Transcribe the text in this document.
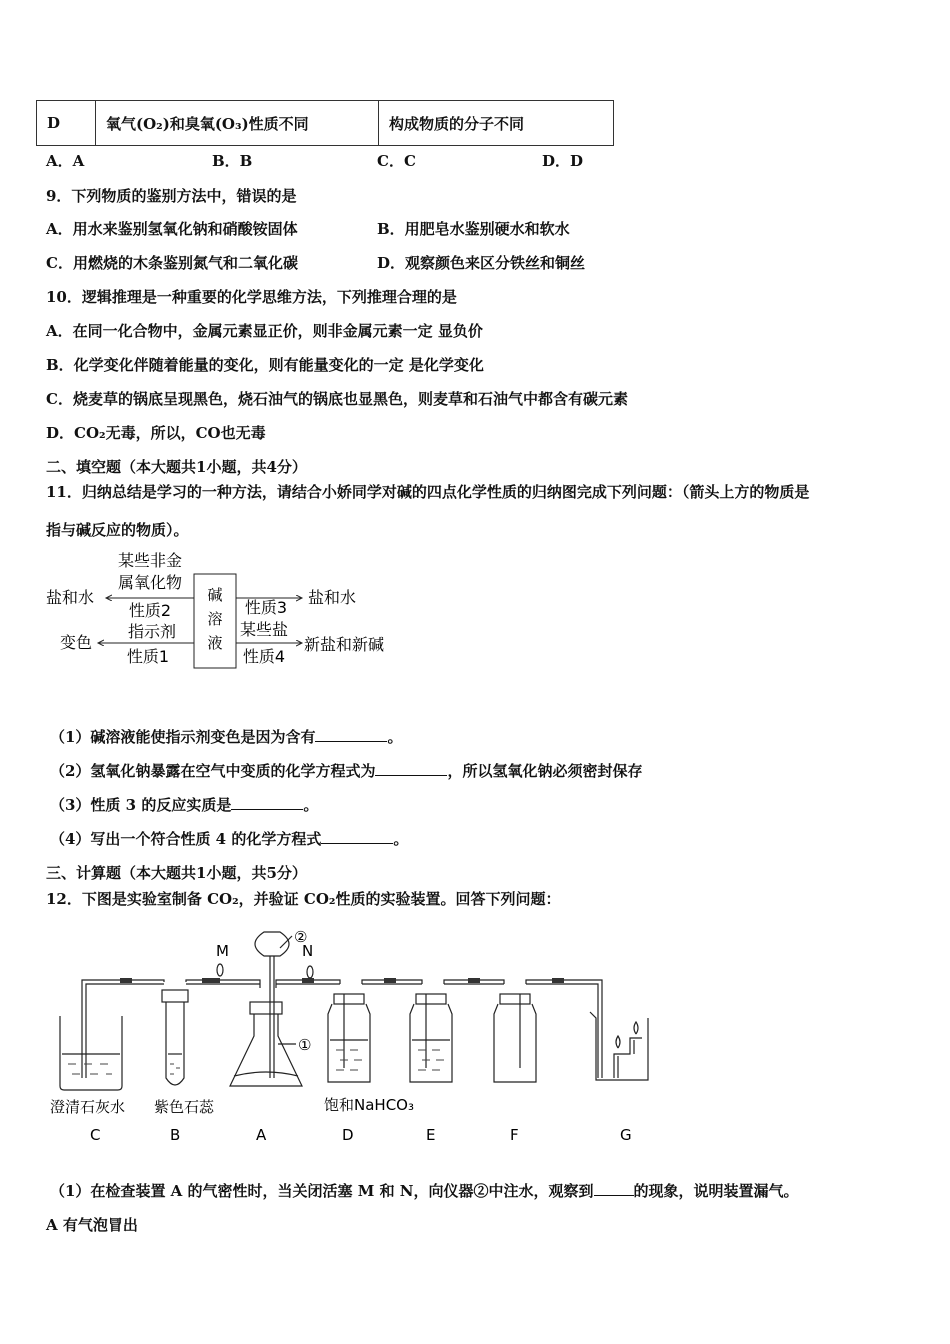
D	氧气(O₂)和臭氧(O₃)性质不同	构成物质的分子不同
A．A	B．B	C．C	D．D
9．下列物质的鉴别方法中，错误的是
A．用水来鉴别氢氧化钠和硝酸铵固体	B．用肥皂水鉴别硬水和软水
C．用燃烧的木条鉴别氮气和二氧化碳	D．观察颜色来区分铁丝和铜丝
10．逻辑推理是一种重要的化学思维方法，下列推理合理的是
A．在同一化合物中，金属元素显正价，则非金属元素一定 显负价
B．化学变化伴随着能量的变化，则有能量变化的一定 是化学变化
C．烧麦草的锅底呈现黑色，烧石油气的锅底也显黑色，则麦草和石油气中都含有碳元素
D．CO₂无毒，所以，CO也无毒
二、填空题（本大题共1小题，共4分）
11．归纳总结是学习的一种方法，请结合小娇同学对碱的四点化学性质的归纳图完成下列问题：（箭头上方的物质是
指与碱反应的物质）。
碱
溶
液
某些非金
属氧化物
盐和水
性质2
指示剂
变色
性质1
性质3
盐和水
某些盐
新盐和新碱
性质4
（1）碱溶液能使指示剂变色是因为含有	。
（2）氢氧化钠暴露在空气中变质的化学方程式为	，所以氢氧化钠必须密封保存
（3）性质 3 的反应实质是	。
（4）写出一个符合性质 4 的化学方程式	。
三、计算题（本大题共1小题，共5分）
12．下图是实验室制备 CO₂，并验证 CO₂性质的实验装置。回答下列问题：
M	N
②
①
澄清石灰水 紫色石蕊	饱和NaHCO₃
C	B	A	D	E	F	G
（1）在检查装置 A 的气密性时，当关闭活塞 M 和 N，向仪器②中注水，观察到	的现象，说明装置漏气。
A 有气泡冒出
